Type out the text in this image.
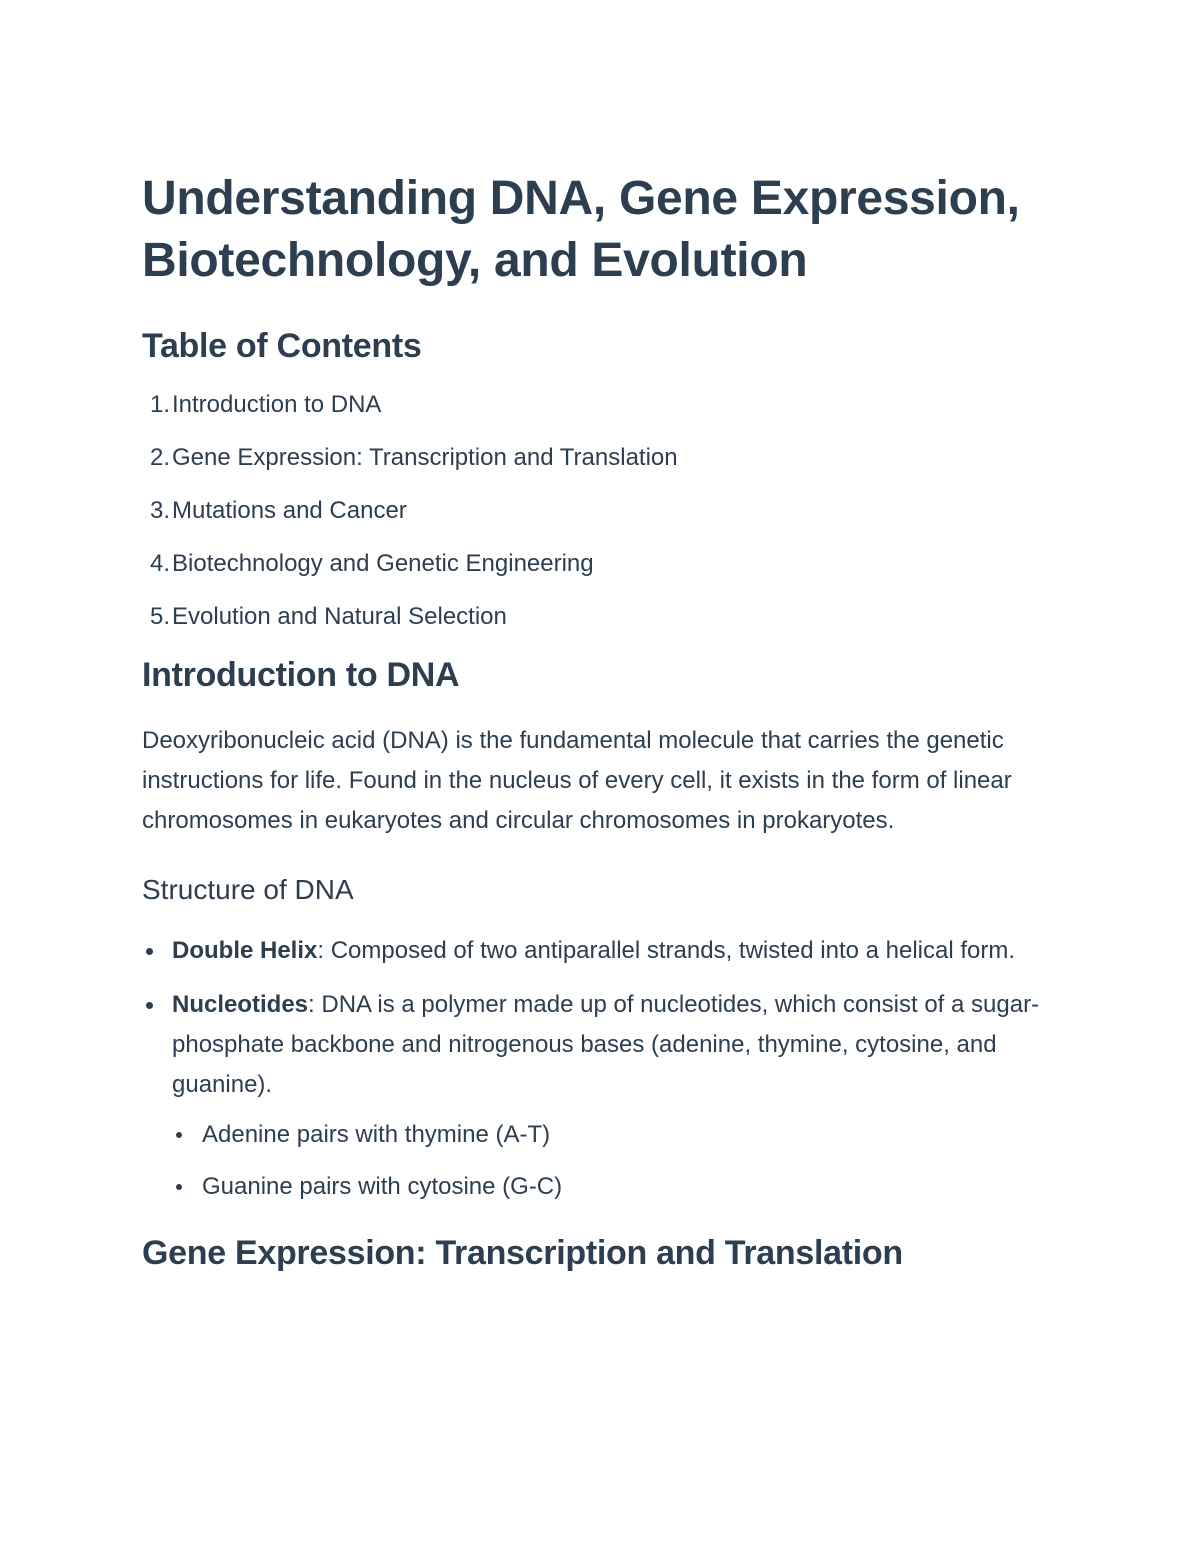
Understanding DNA, Gene Expression, Biotechnology, and Evolution
Table of Contents
1. Introduction to DNA
2. Gene Expression: Transcription and Translation
3. Mutations and Cancer
4. Biotechnology and Genetic Engineering
5. Evolution and Natural Selection
Introduction to DNA

Deoxyribonucleic acid (DNA) is the fundamental molecule that carries the genetic instructions for life. Found in the nucleus of every cell, it exists in the form of linear chromosomes in eukaryotes and circular chromosomes in prokaryotes.

Structure of DNA
Double Helix: Composed of two antiparallel strands, twisted into a helical form.
Nucleotides: DNA is a polymer made up of nucleotides, which consist of a sugar-phosphate backbone and nitrogenous bases (adenine, thymine, cytosine, and guanine).
Adenine pairs with thymine (A-T)
Guanine pairs with cytosine (G-C)
Gene Expression: Transcription and Translation
